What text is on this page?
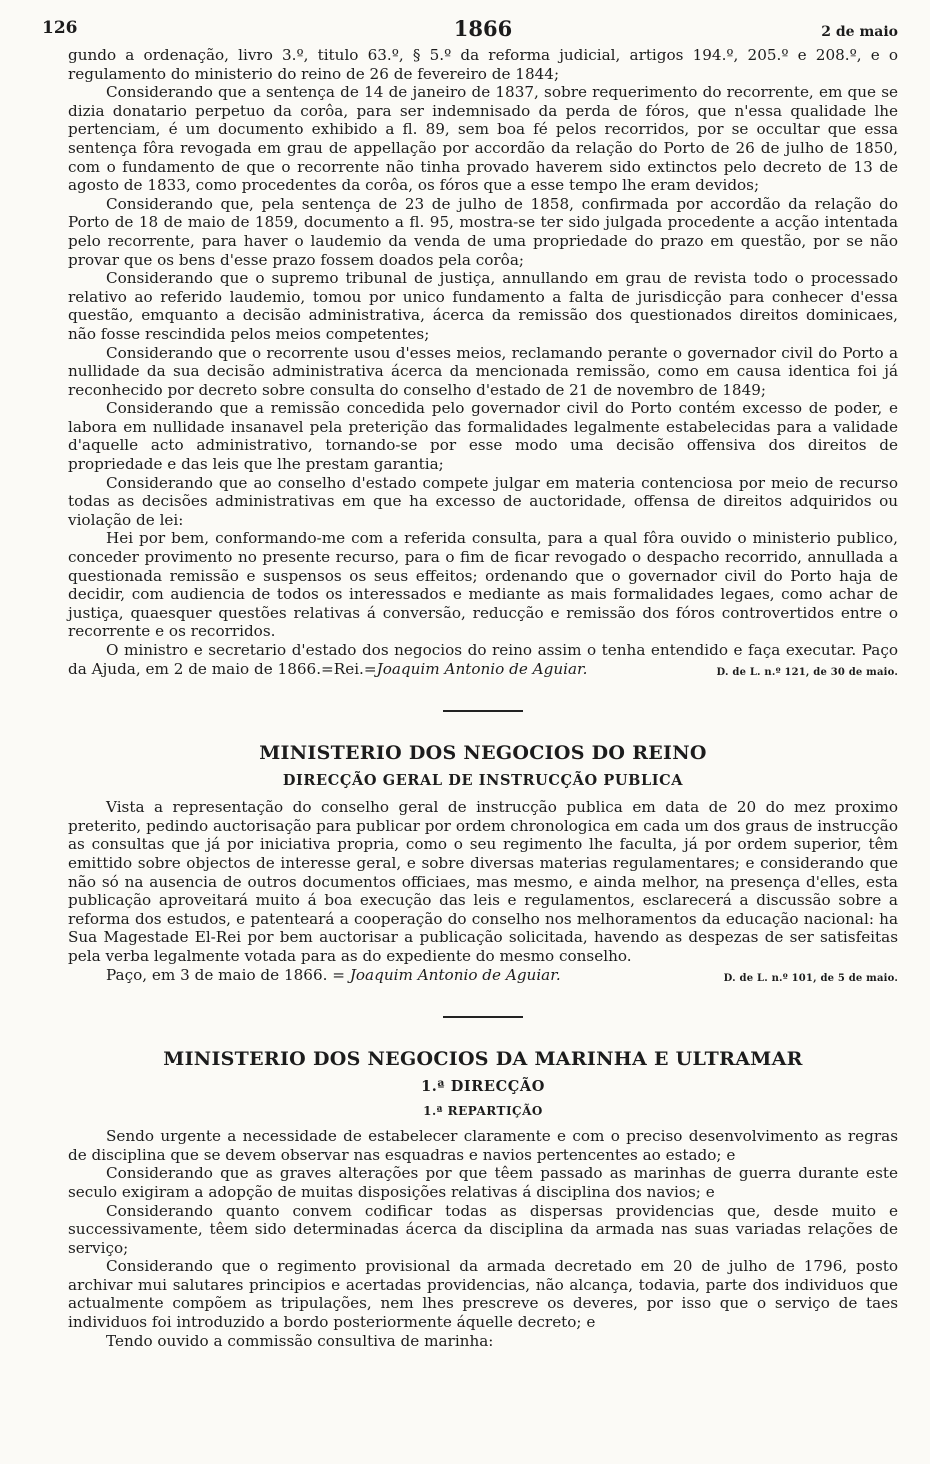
126	1866	2 de maio

gundo a ordenação, livro 3.º, titulo 63.º, § 5.º da reforma judicial, artigos 194.º, 205.º e 208.º, e o regulamento do ministerio do reino de 26 de fevereiro de 1844;

Considerando que a sentença de 14 de janeiro de 1837, sobre requerimento do recorrente, em que se dizia donatario perpetuo da corôa, para ser indemnisado da perda de fóros, que n'essa qualidade lhe pertenciam, é um documento exhibido a fl. 89, sem boa fé pelos recorridos, por se occultar que essa sentença fôra revogada em grau de appellação por accordão da relação do Porto de 26 de julho de 1850, com o fundamento de que o recorrente não tinha provado haverem sido extinctos pelo decreto de 13 de agosto de 1833, como procedentes da corôa, os fóros que a esse tempo lhe eram devidos;

Considerando que, pela sentença de 23 de julho de 1858, confirmada por accordão da relação do Porto de 18 de maio de 1859, documento a fl. 95, mostra-se ter sido julgada procedente a acção intentada pelo recorrente, para haver o laudemio da venda de uma propriedade do prazo em questão, por se não provar que os bens d'esse prazo fossem doados pela corôa;

Considerando que o supremo tribunal de justiça, annullando em grau de revista todo o processado relativo ao referido laudemio, tomou por unico fundamento a falta de jurisdicção para conhecer d'essa questão, emquanto a decisão administrativa, ácerca da remissão dos questionados direitos dominicaes, não fosse rescindida pelos meios competentes;

Considerando que o recorrente usou d'esses meios, reclamando perante o governador civil do Porto a nullidade da sua decisão administrativa ácerca da mencionada remissão, como em causa identica foi já reconhecido por decreto sobre consulta do conselho d'estado de 21 de novembro de 1849;

Considerando que a remissão concedida pelo governador civil do Porto contém excesso de poder, e labora em nullidade insanavel pela preterição das formalidades legalmente estabelecidas para a validade d'aquelle acto administrativo, tornando-se por esse modo uma decisão offensiva dos direitos de propriedade e das leis que lhe prestam garantia;

Considerando que ao conselho d'estado compete julgar em materia contenciosa por meio de recurso todas as decisões administrativas em que ha excesso de auctoridade, offensa de direitos adquiridos ou violação de lei:

Hei por bem, conformando-me com a referida consulta, para a qual fôra ouvido o ministerio publico, conceder provimento no presente recurso, para o fim de ficar revogado o despacho recorrido, annullada a questionada remissão e suspensos os seus effeitos; ordenando que o governador civil do Porto haja de decidir, com audiencia de todos os interessados e mediante as mais formalidades legaes, como achar de justiça, quaesquer questões relativas á conversão, reducção e remissão dos fóros controvertidos entre o recorrente e os recorridos.

O ministro e secretario d'estado dos negocios do reino assim o tenha entendido e faça executar. Paço da Ajuda, em 2 de maio de 1866.=Rei.=Joaquim Antonio de Aguiar.	D. de L. n.º 121, de 30 de maio.

MINISTERIO DOS NEGOCIOS DO REINO
DIRECÇÃO GERAL DE INSTRUCÇÃO PUBLICA

Vista a representação do conselho geral de instrucção publica em data de 20 do mez proximo preterito, pedindo auctorisação para publicar por ordem chronologica em cada um dos graus de instrucção as consultas que já por iniciativa propria, como o seu regimento lhe faculta, já por ordem superior, têm emittido sobre objectos de interesse geral, e sobre diversas materias regulamentares; e considerando que não só na ausencia de outros documentos officiaes, mas mesmo, e ainda melhor, na presença d'elles, esta publicação aproveitará muito á boa execução das leis e regulamentos, esclarecerá a discussão sobre a reforma dos estudos, e patenteará a cooperação do conselho nos melhoramentos da educação nacional: ha Sua Magestade El-Rei por bem auctorisar a publicação solicitada, havendo as despezas de ser satisfeitas pela verba legalmente votada para as do expediente do mesmo conselho.

Paço, em 3 de maio de 1866. = Joaquim Antonio de Aguiar.	D. de L. n.º 101, de 5 de maio.

MINISTERIO DOS NEGOCIOS DA MARINHA E ULTRAMAR
1.ª DIRECÇÃO
1.ª REPARTIÇÃO

Sendo urgente a necessidade de estabelecer claramente e com o preciso desenvolvimento as regras de disciplina que se devem observar nas esquadras e navios pertencentes ao estado; e

Considerando que as graves alterações por que têem passado as marinhas de guerra durante este seculo exigiram a adopção de muitas disposições relativas á disciplina dos navios; e

Considerando quanto convem codificar todas as dispersas providencias que, desde muito e successivamente, têem sido determinadas ácerca da disciplina da armada nas suas variadas relações de serviço;

Considerando que o regimento provisional da armada decretado em 20 de julho de 1796, posto archivar mui salutares principios e acertadas providencias, não alcança, todavia, parte dos individuos que actualmente compõem as tripulações, nem lhes prescreve os deveres, por isso que o serviço de taes individuos foi introduzido a bordo posteriormente áquelle decreto; e

Tendo ouvido a commissão consultiva de marinha:
